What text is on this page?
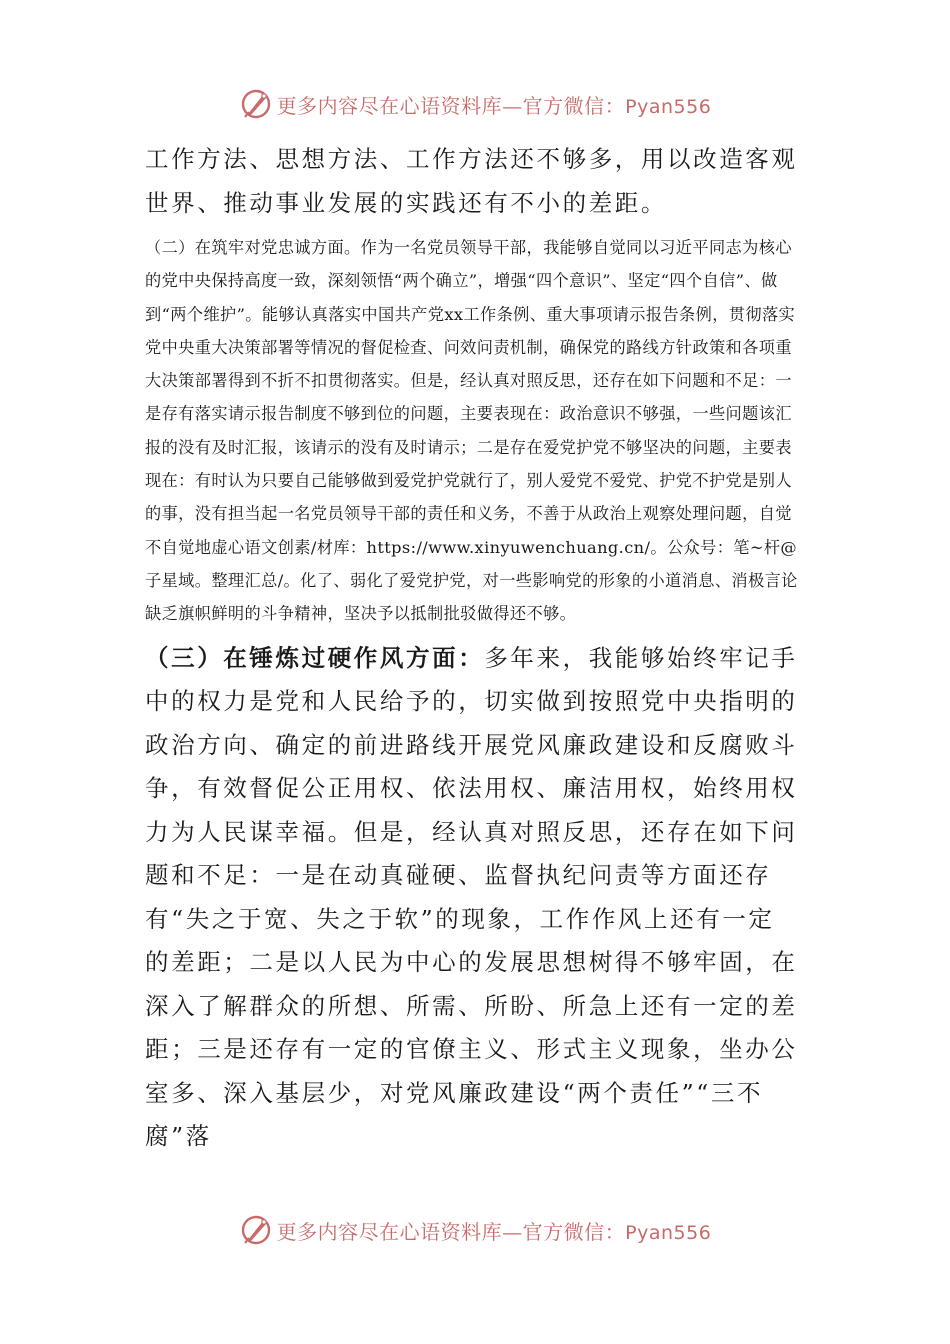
更多内容尽在心语资料库—官方微信：Pyan556

工作方法、思想方法、工作方法还不够多，用以改造客观世界、推动事业发展的实践还有不小的差距。

（二）在筑牢对党忠诚方面。作为一名党员领导干部，我能够自觉同以习近平同志为核心的党中央保持高度一致，深刻领悟“两个确立”，增强“四个意识”、坚定“四个自信”、做到“两个维护”。能够认真落实中国共产党xx工作条例、重大事项请示报告条例，贯彻落实党中央重大决策部署等情况的督促检查、问效问责机制，确保党的路线方针政策和各项重大决策部署得到不折不扣贯彻落实。但是，经认真对照反思，还存在如下问题和不足：一是存有落实请示报告制度不够到位的问题，主要表现在：政治意识不够强，一些问题该汇报的没有及时汇报，该请示的没有及时请示；二是存在爱党护党不够坚决的问题，主要表现在：有时认为只要自己能够做到爱党护党就行了，别人爱党不爱党、护党不护党是别人的事，没有担当起一名党员领导干部的责任和义务，不善于从政治上观察处理问题，自觉不自觉地虚心语文创素/材库：https://www.xinyuwenchuang.cn/。公众号：笔~杆@子星域。整理汇总/。化了、弱化了爱党护党，对一些影响党的形象的小道消息、消极言论缺乏旗帜鲜明的斗争精神，坚决予以抵制批驳做得还不够。

（三）在锤炼过硬作风方面：多年来，我能够始终牢记手中的权力是党和人民给予的，切实做到按照党中央指明的政治方向、确定的前进路线开展党风廉政建设和反腐败斗争，有效督促公正用权、依法用权、廉洁用权，始终用权力为人民谋幸福。但是，经认真对照反思，还存在如下问题和不足：一是在动真碰硬、监督执纪问责等方面还存有“失之于宽、失之于软”的现象，工作作风上还有一定的差距；二是以人民为中心的发展思想树得不够牢固，在深入了解群众的所想、所需、所盼、所急上还有一定的差距；三是还存有一定的官僚主义、形式主义现象，坐办公室多、深入基层少，对党风廉政建设“两个责任”“三不腐”落

更多内容尽在心语资料库—官方微信：Pyan556
